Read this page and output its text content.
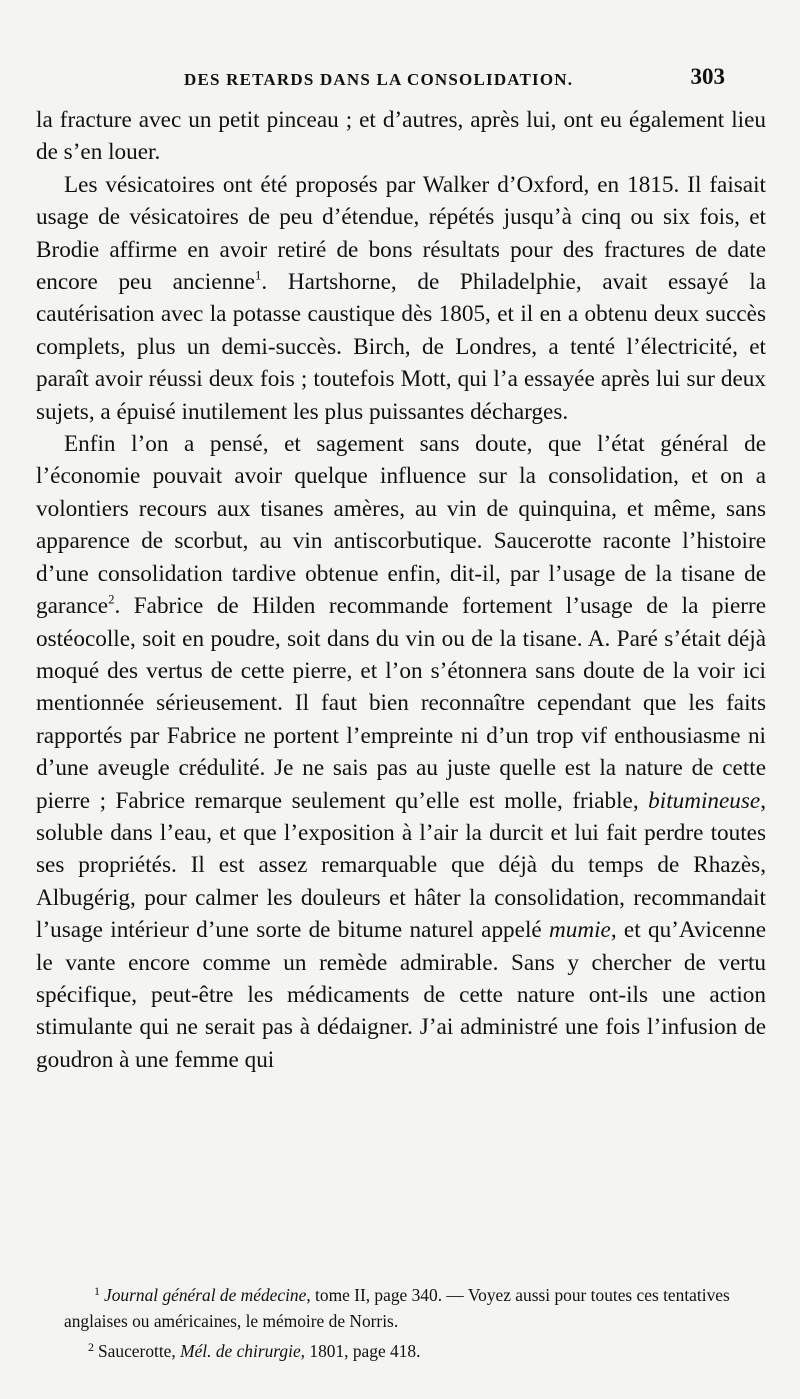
DES RETARDS DANS LA CONSOLIDATION.	303

la fracture avec un petit pinceau ; et d’autres, après lui, ont eu également lieu de s’en louer.

Les vésicatoires ont été proposés par Walker d’Oxford, en 1815. Il faisait usage de vésicatoires de peu d’étendue, répétés jusqu’à cinq ou six fois, et Brodie affirme en avoir retiré de bons résultats pour des fractures de date encore peu ancienne$^1$. Hartshorne, de Philadelphie, avait essayé la cautérisation avec la potasse caustique dès 1805, et il en a obtenu deux succès complets, plus un demi-succès. Birch, de Londres, a tenté l’électricité, et paraît avoir réussi deux fois ; toutefois Mott, qui l’a essayée après lui sur deux sujets, a épuisé inutilement les plus puissantes décharges.

Enfin l’on a pensé, et sagement sans doute, que l’état général de l’économie pouvait avoir quelque influence sur la consolidation, et on a volontiers recours aux tisanes amères, au vin de quinquina, et même, sans apparence de scorbut, au vin antiscorbutique. Saucerotte raconte l’histoire d’une consolidation tardive obtenue enfin, dit-il, par l’usage de la tisane de garance$^2$. Fabrice de Hilden recommande fortement l’usage de la pierre ostéocolle, soit en poudre, soit dans du vin ou de la tisane. A. Paré s’était déjà moqué des vertus de cette pierre, et l’on s’étonnera sans doute de la voir ici mentionnée sérieusement. Il faut bien reconnaître cependant que les faits rapportés par Fabrice ne portent l’empreinte ni d’un trop vif enthousiasme ni d’une aveugle crédulité. Je ne sais pas au juste quelle est la nature de cette pierre ; Fabrice remarque seulement qu’elle est molle, friable, bitumineuse, soluble dans l’eau, et que l’exposition à l’air la durcit et lui fait perdre toutes ses propriétés. Il est assez remarquable que déjà du temps de Rhazès, Albugérig, pour calmer les douleurs et hâter la consolidation, recommandait l’usage intérieur d’une sorte de bitume naturel appelé mumie, et qu’Avicenne le vante encore comme un remède admirable. Sans y chercher de vertu spécifique, peut-être les médicaments de cette nature ont-ils une action stimulante qui ne serait pas à dédaigner. J’ai administré une fois l’infusion de goudron à une femme qui

$^1$ Journal général de médecine, tome II, page 340. — Voyez aussi pour toutes ces tentatives anglaises ou américaines, le mémoire de Norris.

$^2$ Saucerotte, Mél. de chirurgie, 1801, page 418.
